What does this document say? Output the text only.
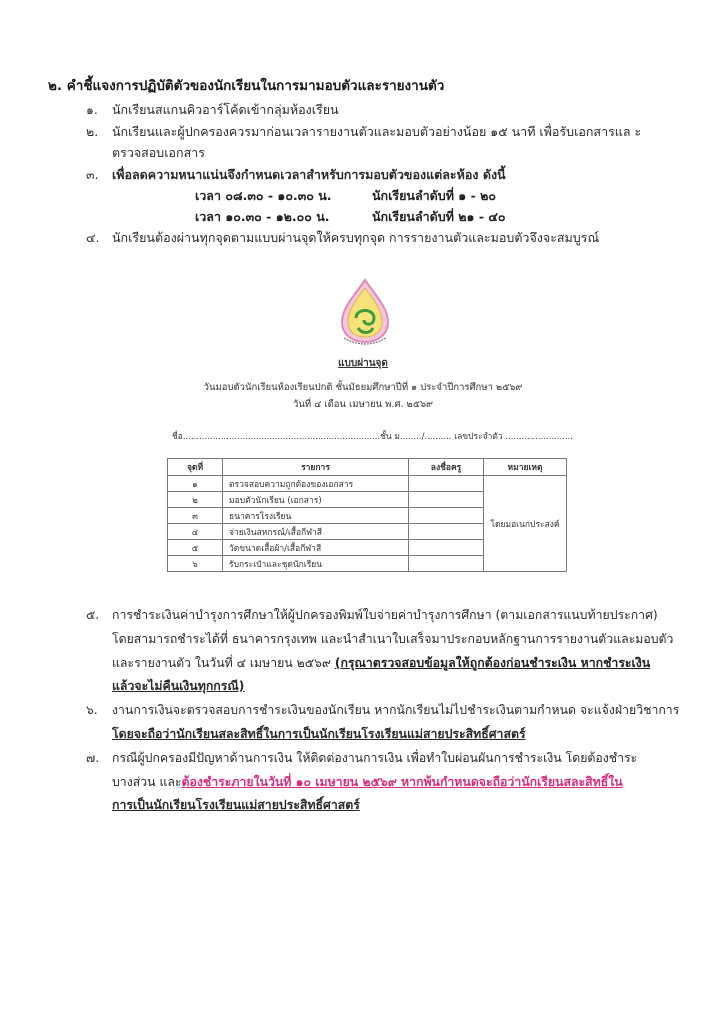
๒. คำชี้แจงการปฏิบัติตัวของนักเรียนในการมามอบตัวและรายงานตัว
๑. นักเรียนสแกนคิวอาร์โค้ดเข้ากลุ่มห้องเรียน
๒. นักเรียนและผู้ปกครองควรมาก่อนเวลารายงานตัวและมอบตัวอย่างน้อย ๑๕ นาที เพื่อรับเอกสารแล ะ
ตรวจสอบเอกสาร
๓. เพื่อลดความหนาแน่นจึงกำหนดเวลาสำหรับการมอบตัวของแต่ละห้อง ดังนี้
เวลา ๐๘.๓๐ - ๑๐.๓๐ น.	นักเรียนลำดับที่ ๑ - ๒๐
เวลา ๑๐.๓๐ - ๑๒.๐๐ น.	นักเรียนลำดับที่ ๒๑ - ๔๐
๔. นักเรียนต้องผ่านทุกจุดตามแบบผ่านจุดให้ครบทุกจุด การรายงานตัวและมอบตัวจึงจะสมบูรณ์
แบบผ่านจุด
วันมอบตัวนักเรียนห้องเรียนปกติ ชั้นมัธยมศึกษาปีที่ ๑ ประจำปีการศึกษา ๒๕๖๙
วันที่ ๔ เดือน เมษายน พ.ศ. ๒๕๖๙
ชื่อ.........................................................................ชั้น ม......../.......... เลขประจำตัว .........................
จุดที่	รายการ	ลงชื่อครู	หมายเหตุ
๑	ตรวจสอบความถูกต้องของเอกสาร		โดยมอเนกประสงค์
๒	มอบตัวนักเรียน (เอกสาร)		
๓	ธนาคารโรงเรียน		
๔	จ่ายเงินสหกรณ์/เสื้อกีฬาสี		
๕	วัดขนาดเสื้อผ้า/เสื้อกีฬาสี		
๖	รับกระเป๋าและชุดนักเรียน		
๕. การชำระเงินค่าบำรุงการศึกษาให้ผู้ปกครองพิมพ์ใบจ่ายค่าบำรุงการศึกษา (ตามเอกสารแนบท้ายประกาศ)
โดยสามารถชำระได้ที่ ธนาคารกรุงเทพ และนำสำเนาใบเสร็จมาประกอบหลักฐานการรายงานตัวและมอบตัว
และรายงานตัว ในวันที่ ๔ เมษายน ๒๕๖๙ (กรุณาตรวจสอบข้อมูลให้ถูกต้องก่อนชำระเงิน หากชำระเงิน
แล้วจะไม่คืนเงินทุกกรณี)
๖. งานการเงินจะตรวจสอบการชำระเงินของนักเรียน หากนักเรียนไม่ไปชำระเงินตามกำหนด จะแจ้งฝ่ายวิชาการ
โดยจะถือว่านักเรียนสละสิทธิ์ในการเป็นนักเรียนโรงเรียนแม่สายประสิทธิ์ศาสตร์
๗. กรณีผู้ปกครองมีปัญหาด้านการเงิน ให้ติดต่องานการเงิน เพื่อทำใบผ่อนผันการชำระเงิน โดยต้องชำระ
บางส่วน และต้องชำระภายในวันที่ ๑๐ เมษายน ๒๕๖๙ หากพ้นกำหนดจะถือว่านักเรียนสละสิทธิ์ใน
การเป็นนักเรียนโรงเรียนแม่สายประสิทธิ์ศาสตร์
